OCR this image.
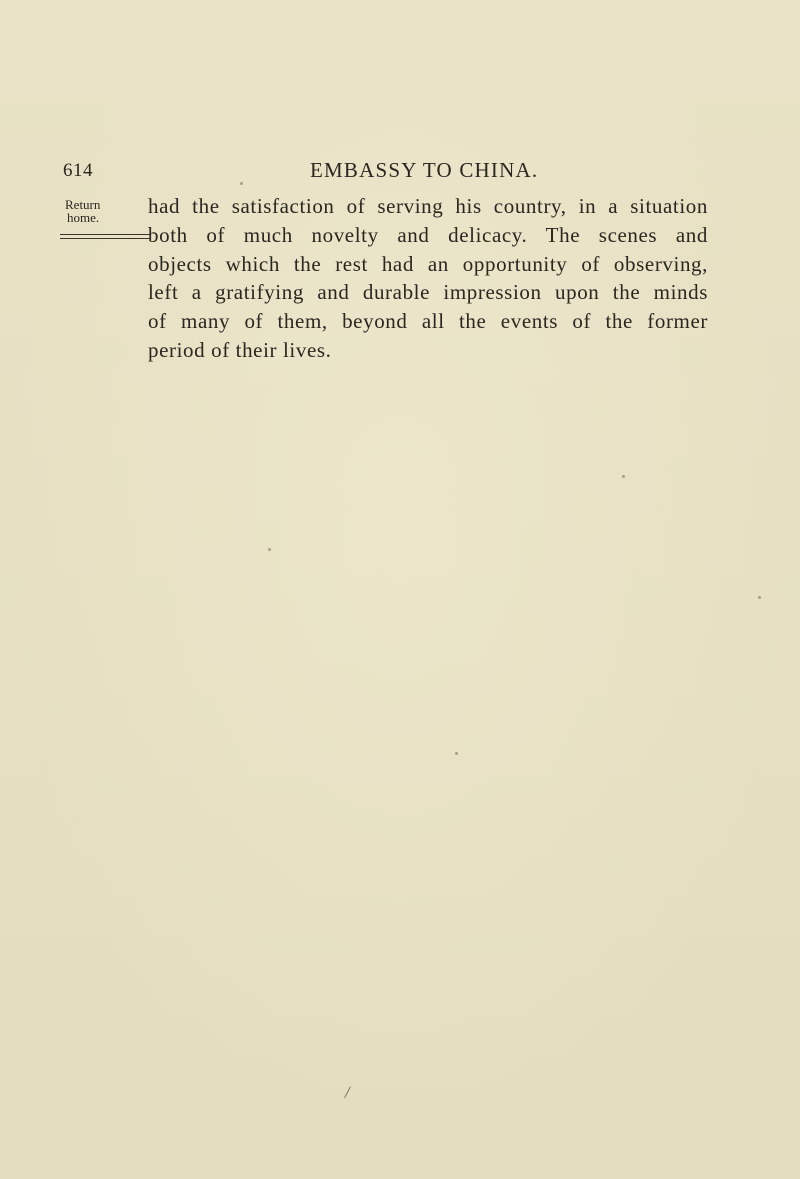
614	EMBASSY TO CHINA.
Return
home.	had the satisfaction of serving his country, in a situation
both of much novelty and delicacy. The scenes and
objects which the rest had an opportunity of observing,
left a gratifying and durable impression upon the minds
of many of them, beyond all the events of the former
period of their lives.
/
